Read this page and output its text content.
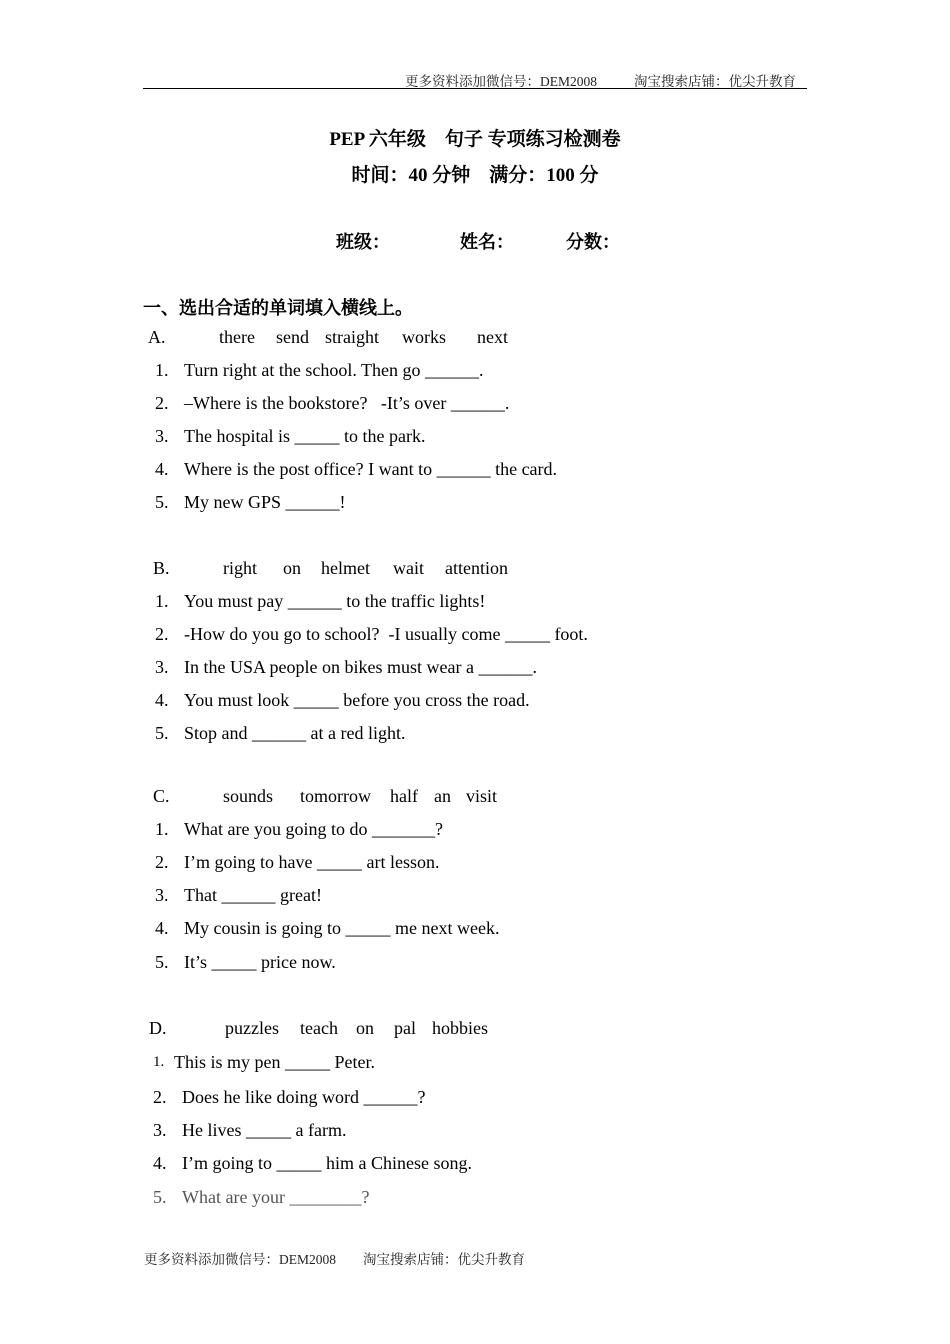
更多资料添加微信号：DEM2008	淘宝搜索店铺：优尖升教育
PEP 六年级　句子 专项练习检测卷
时间：40 分钟　满分：100 分
班级：	姓名：	分数：
一、选出合适的单词填入横线上。
A.	there send straight works next
1. Turn right at the school. Then go ______.
2. –Where is the bookstore?   -It’s over ______.
3. The hospital is _____ to the park.
4. Where is the post office? I want to ______ the card.
5. My new GPS ______!
B.	right on helmet wait attention
1. You must pay ______ to the traffic lights!
2. -How do you go to school?  -I usually come _____ foot.
3. In the USA people on bikes must wear a ______.
4. You must look _____ before you cross the road.
5. Stop and ______ at a red light.
C.	sounds tomorrow half an visit
1. What are you going to do _______?
2. I’m going to have _____ art lesson.
3. That ______ great!
4. My cousin is going to _____ me next week.
5. It’s _____ price now.
D.	puzzles teach on pal hobbies
1. This is my pen _____ Peter.
2. Does he like doing word ______?
3. He lives _____ a farm.
4. I’m going to _____ him a Chinese song.
5. What are your ________?
更多资料添加微信号：DEM2008 淘宝搜索店铺：优尖升教育
